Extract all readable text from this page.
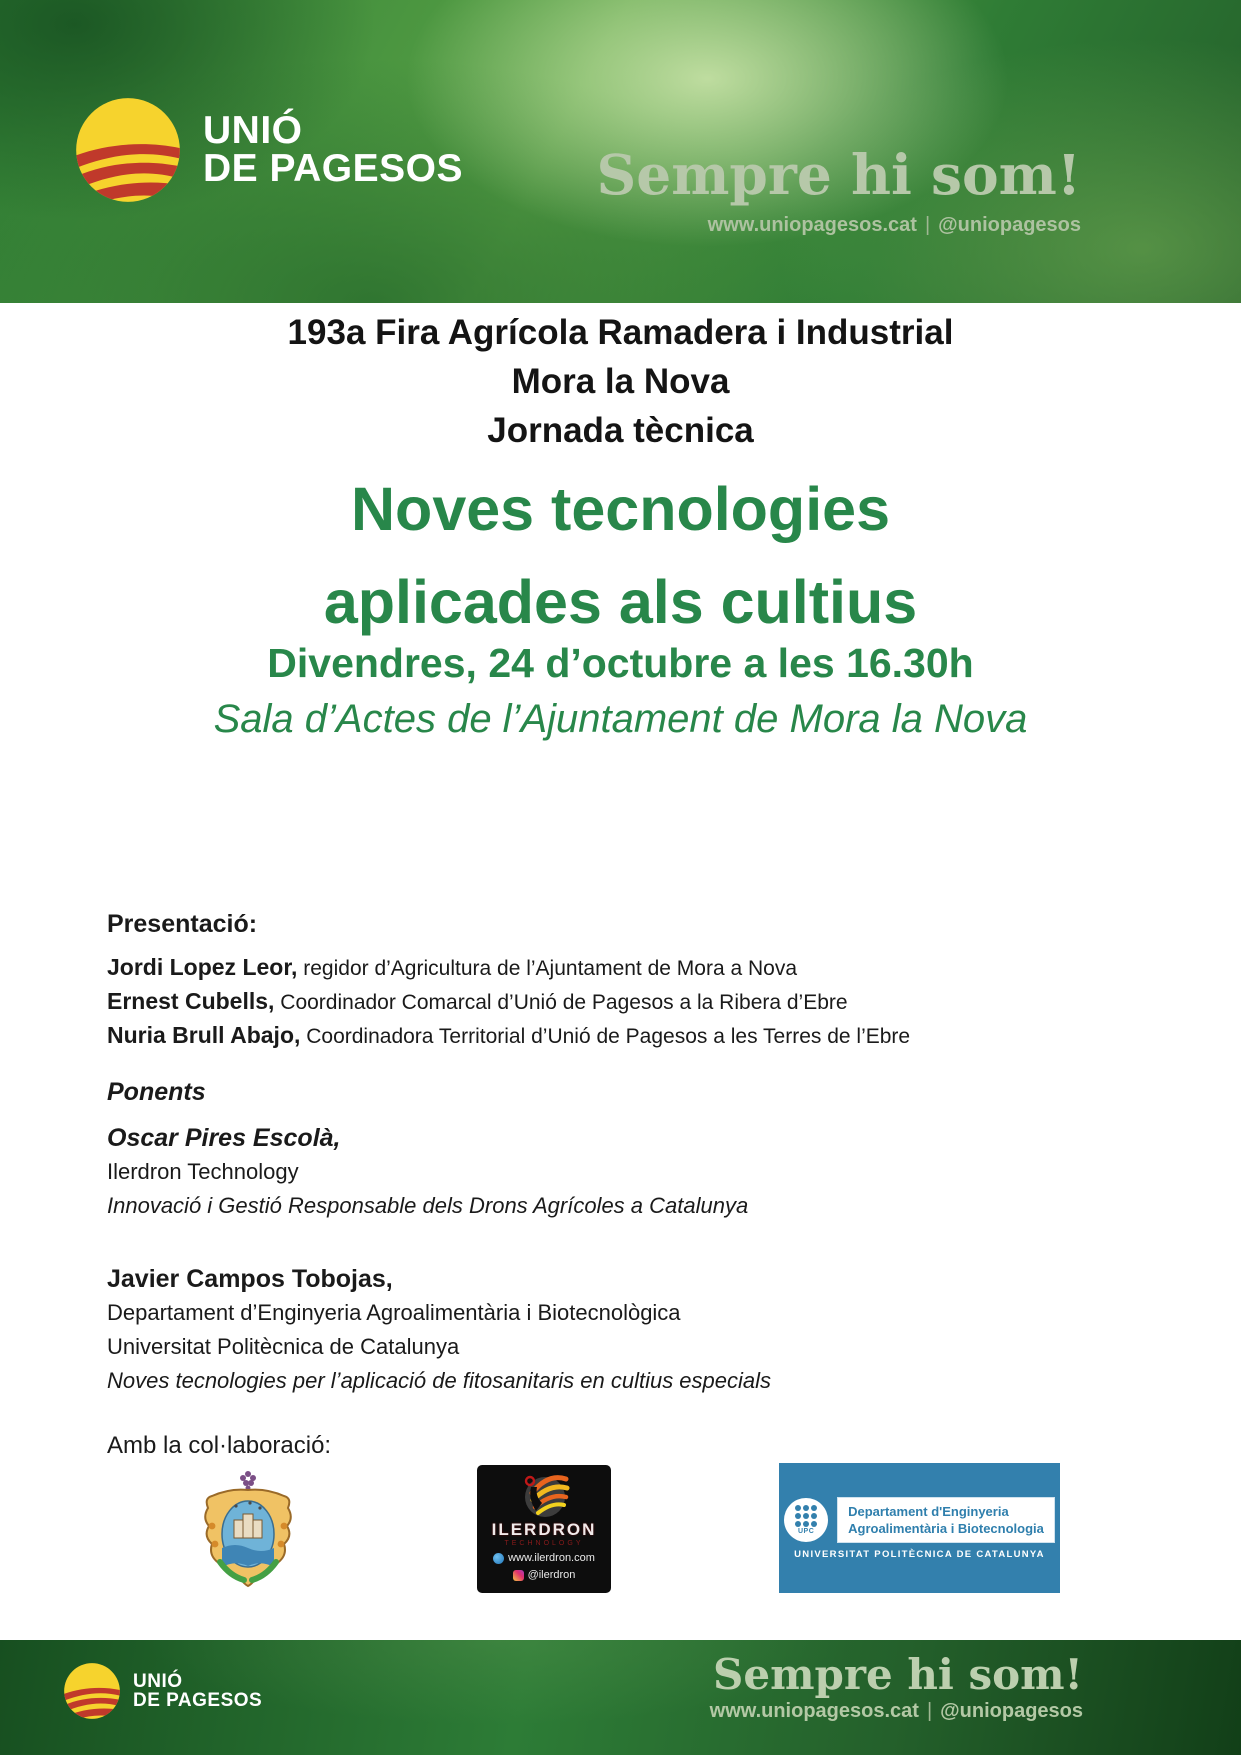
UNIÓ
DE PAGESOS Sempre hi som!
www.uniopagesos.cat | @uniopagesos
193a Fira Agrícola Ramadera i Industrial
Mora la Nova
Jornada tècnica
Noves tecnologies
aplicades als cultius
Divendres, 24 d’octubre a les 16.30h
Sala d’Actes de l’Ajuntament de Mora la Nova
Presentació:
Jordi Lopez Leor, regidor d’Agricultura de l’Ajuntament de Mora a Nova
Ernest Cubells, Coordinador Comarcal d’Unió de Pagesos a la Ribera d’Ebre
Nuria Brull Abajo, Coordinadora Territorial d’Unió de Pagesos a les Terres de l’Ebre
Ponents
Oscar Pires Escolà,
Ilerdron Technology
Innovació i Gestió Responsable dels Drons Agrícoles a Catalunya
Javier Campos Tobojas,
Departament d’Enginyeria Agroalimentària i Biotecnològica
Universitat Politècnica de Catalunya
Noves tecnologies per l’aplicació de fitosanitaris en cultius especials
Amb la col·laboració:
ILERDRON
TECHNOLOGY
www.ilerdron.com
@ilerdron
UPC
Departament d'Enginyeria
Agroalimentària i Biotecnologia
UNIVERSITAT POLITÈCNICA DE CATALUNYA
UNIÓ
DE PAGESOS
Sempre hi som!
www.uniopagesos.cat | @uniopagesos
